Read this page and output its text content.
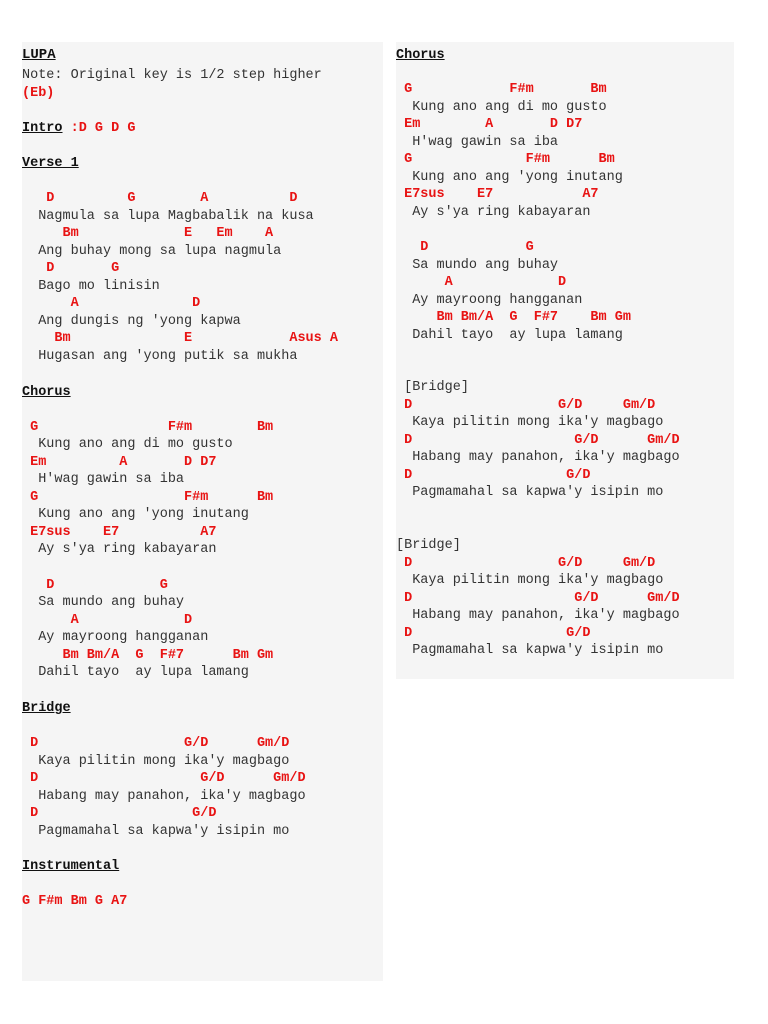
LUPA
Note: Original key is 1/2 step higher
(Eb)
Intro :D G D G
Verse 1
D         G        A          D
Nagmula sa lupa Magbabalik na kusa
Bm             E   Em    A
Ang buhay mong sa lupa nagmula
D       G
Bago mo linisin
A              D
Ang dungis ng 'yong kapwa
Bm              E            Asus A
Hugasan ang 'yong putik sa mukha
Chorus
G                F#m        Bm
Kung ano ang di mo gusto
Em         A       D D7
H'wag gawin sa iba
G                  F#m      Bm
Kung ano ang 'yong inutang
E7sus    E7          A7
Ay s'ya ring kabayaran
D             G
Sa mundo ang buhay
A             D
Ay mayroong hangganan
Bm Bm/A  G  F#7      Bm Gm
Dahil tayo  ay lupa lamang
Bridge
D                  G/D      Gm/D
Kaya pilitin mong ika'y magbago
D                    G/D      Gm/D
Habang may panahon, ika'y magbago
D                   G/D
Pagmamahal sa kapwa'y isipin mo
Instrumental
G F#m Bm G A7
Chorus
G            F#m       Bm
Kung ano ang di mo gusto
Em        A       D D7
H'wag gawin sa iba
G              F#m      Bm
Kung ano ang 'yong inutang
E7sus    E7           A7
Ay s'ya ring kabayaran
D            G
Sa mundo ang buhay
A             D
Ay mayroong hangganan
Bm Bm/A  G  F#7    Bm Gm
Dahil tayo  ay lupa lamang
[Bridge]
D                  G/D     Gm/D
Kaya pilitin mong ika'y magbago
D                    G/D      Gm/D
Habang may panahon, ika'y magbago
D                   G/D
Pagmamahal sa kapwa'y isipin mo
[Bridge]
D                  G/D     Gm/D
Kaya pilitin mong ika'y magbago
D                    G/D      Gm/D
Habang may panahon, ika'y magbago
D                   G/D
Pagmamahal sa kapwa'y isipin mo
